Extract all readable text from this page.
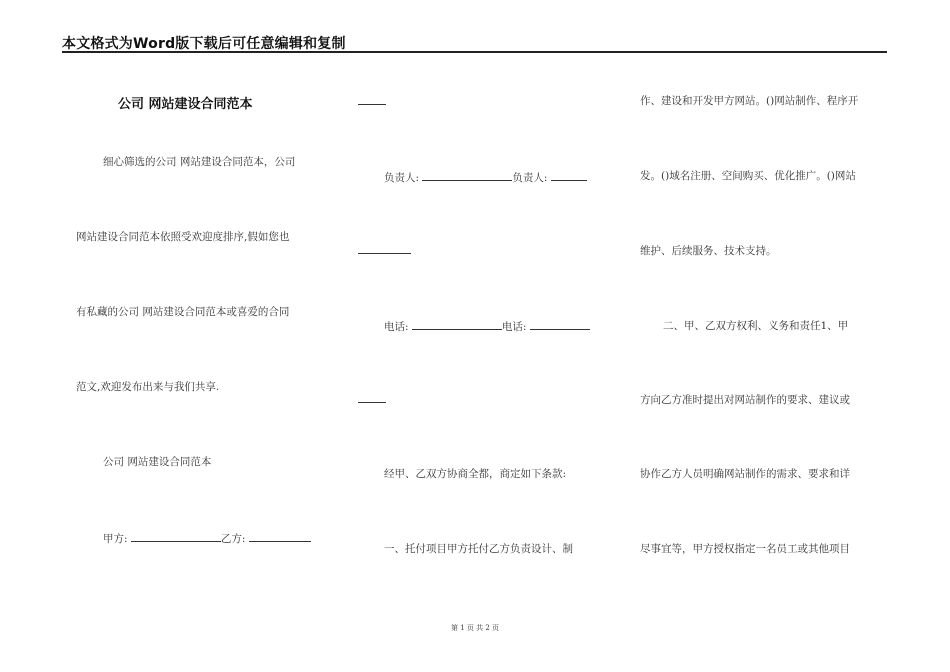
本文格式为Word版下载后可任意编辑和复制
公司 网站建设合同范本
细心筛选的公司 网站建设合同范本，公司
网站建设合同范本依照受欢迎度排序,假如您也
有私藏的公司 网站建设合同范本或喜爱的合同
范文,欢迎发布出来与我们共享.
公司 网站建设合同范本
甲方:	乙方:
负责人:	负责人:
电话:	电话:
经甲、乙双方协商全都，商定如下条款:
一、托付项目甲方托付乙方负责设计、制
作、建设和开发甲方网站。()网站制作、程序开
发。()域名注册、空间购买、优化推广。()网站
维护、后续服务、技术支持。
二、甲、乙双方权利、义务和责任1、甲
方向乙方准时提出对网站制作的要求、建议或
协作乙方人员明确网站制作的需求、要求和详
尽事宜等，甲方授权指定一名员工或其他项目
第 1 页 共 2 页
